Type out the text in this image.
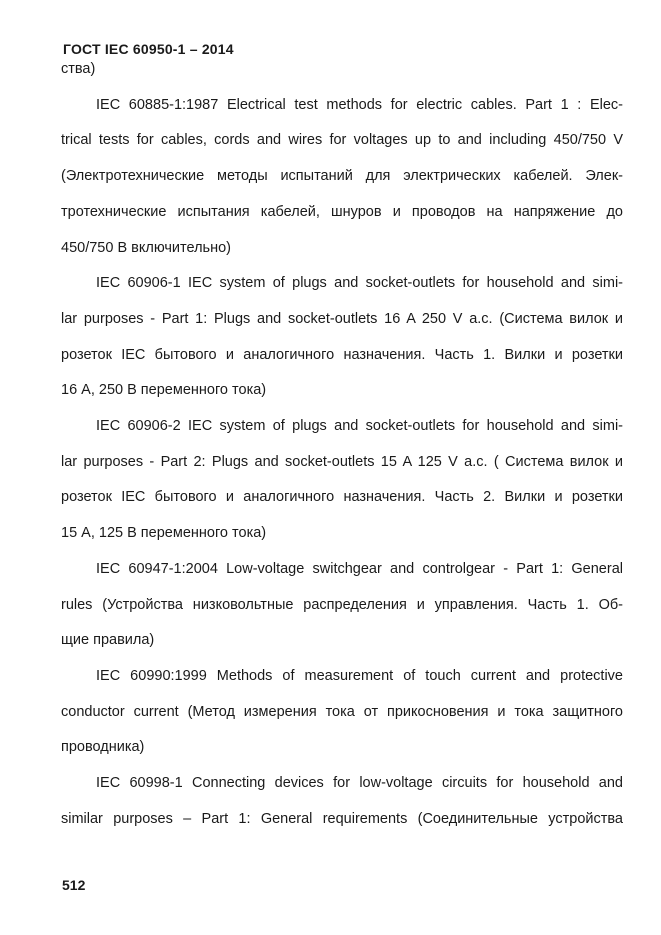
ГОСТ IEC 60950-1 – 2014
ства)
IEC 60885-1:1987 Electrical test methods for electric cables. Part 1 : Elec-
trical tests for cables, cords and wires for voltages up to and including 450/750 V
(Электротехнические методы испытаний для электрических кабелей. Элек-
тротехнические испытания кабелей, шнуров и проводов на напряжение до
450/750 В включительно)
IEC 60906-1 IEC system of plugs and socket-outlets for household and simi-
lar purposes - Part 1: Plugs and socket-outlets 16 A 250 V a.c. (Система вилок и
розеток IEC бытового и аналогичного назначения. Часть 1. Вилки и розетки
16 А, 250 В переменного тока)
IEC 60906-2 IEC system of plugs and socket-outlets for household and simi-
lar purposes - Part 2: Plugs and socket-outlets 15 A 125 V a.c. ( Система вилок и
розеток IEC бытового и аналогичного назначения. Часть 2. Вилки и розетки
15 А, 125 В переменного тока)
IEC 60947-1:2004 Low-voltage switchgear and controlgear - Part 1: General
rules (Устройства низковольтные распределения и управления. Часть 1. Об-
щие правила)
IEC 60990:1999 Methods of measurement of touch current and protective
conductor current (Метод измерения тока от прикосновения и тока защитного
проводника)
IEC 60998-1 Connecting devices for low-voltage circuits for household and
similar purposes – Part 1: General requirements (Соединительные устройства
512
